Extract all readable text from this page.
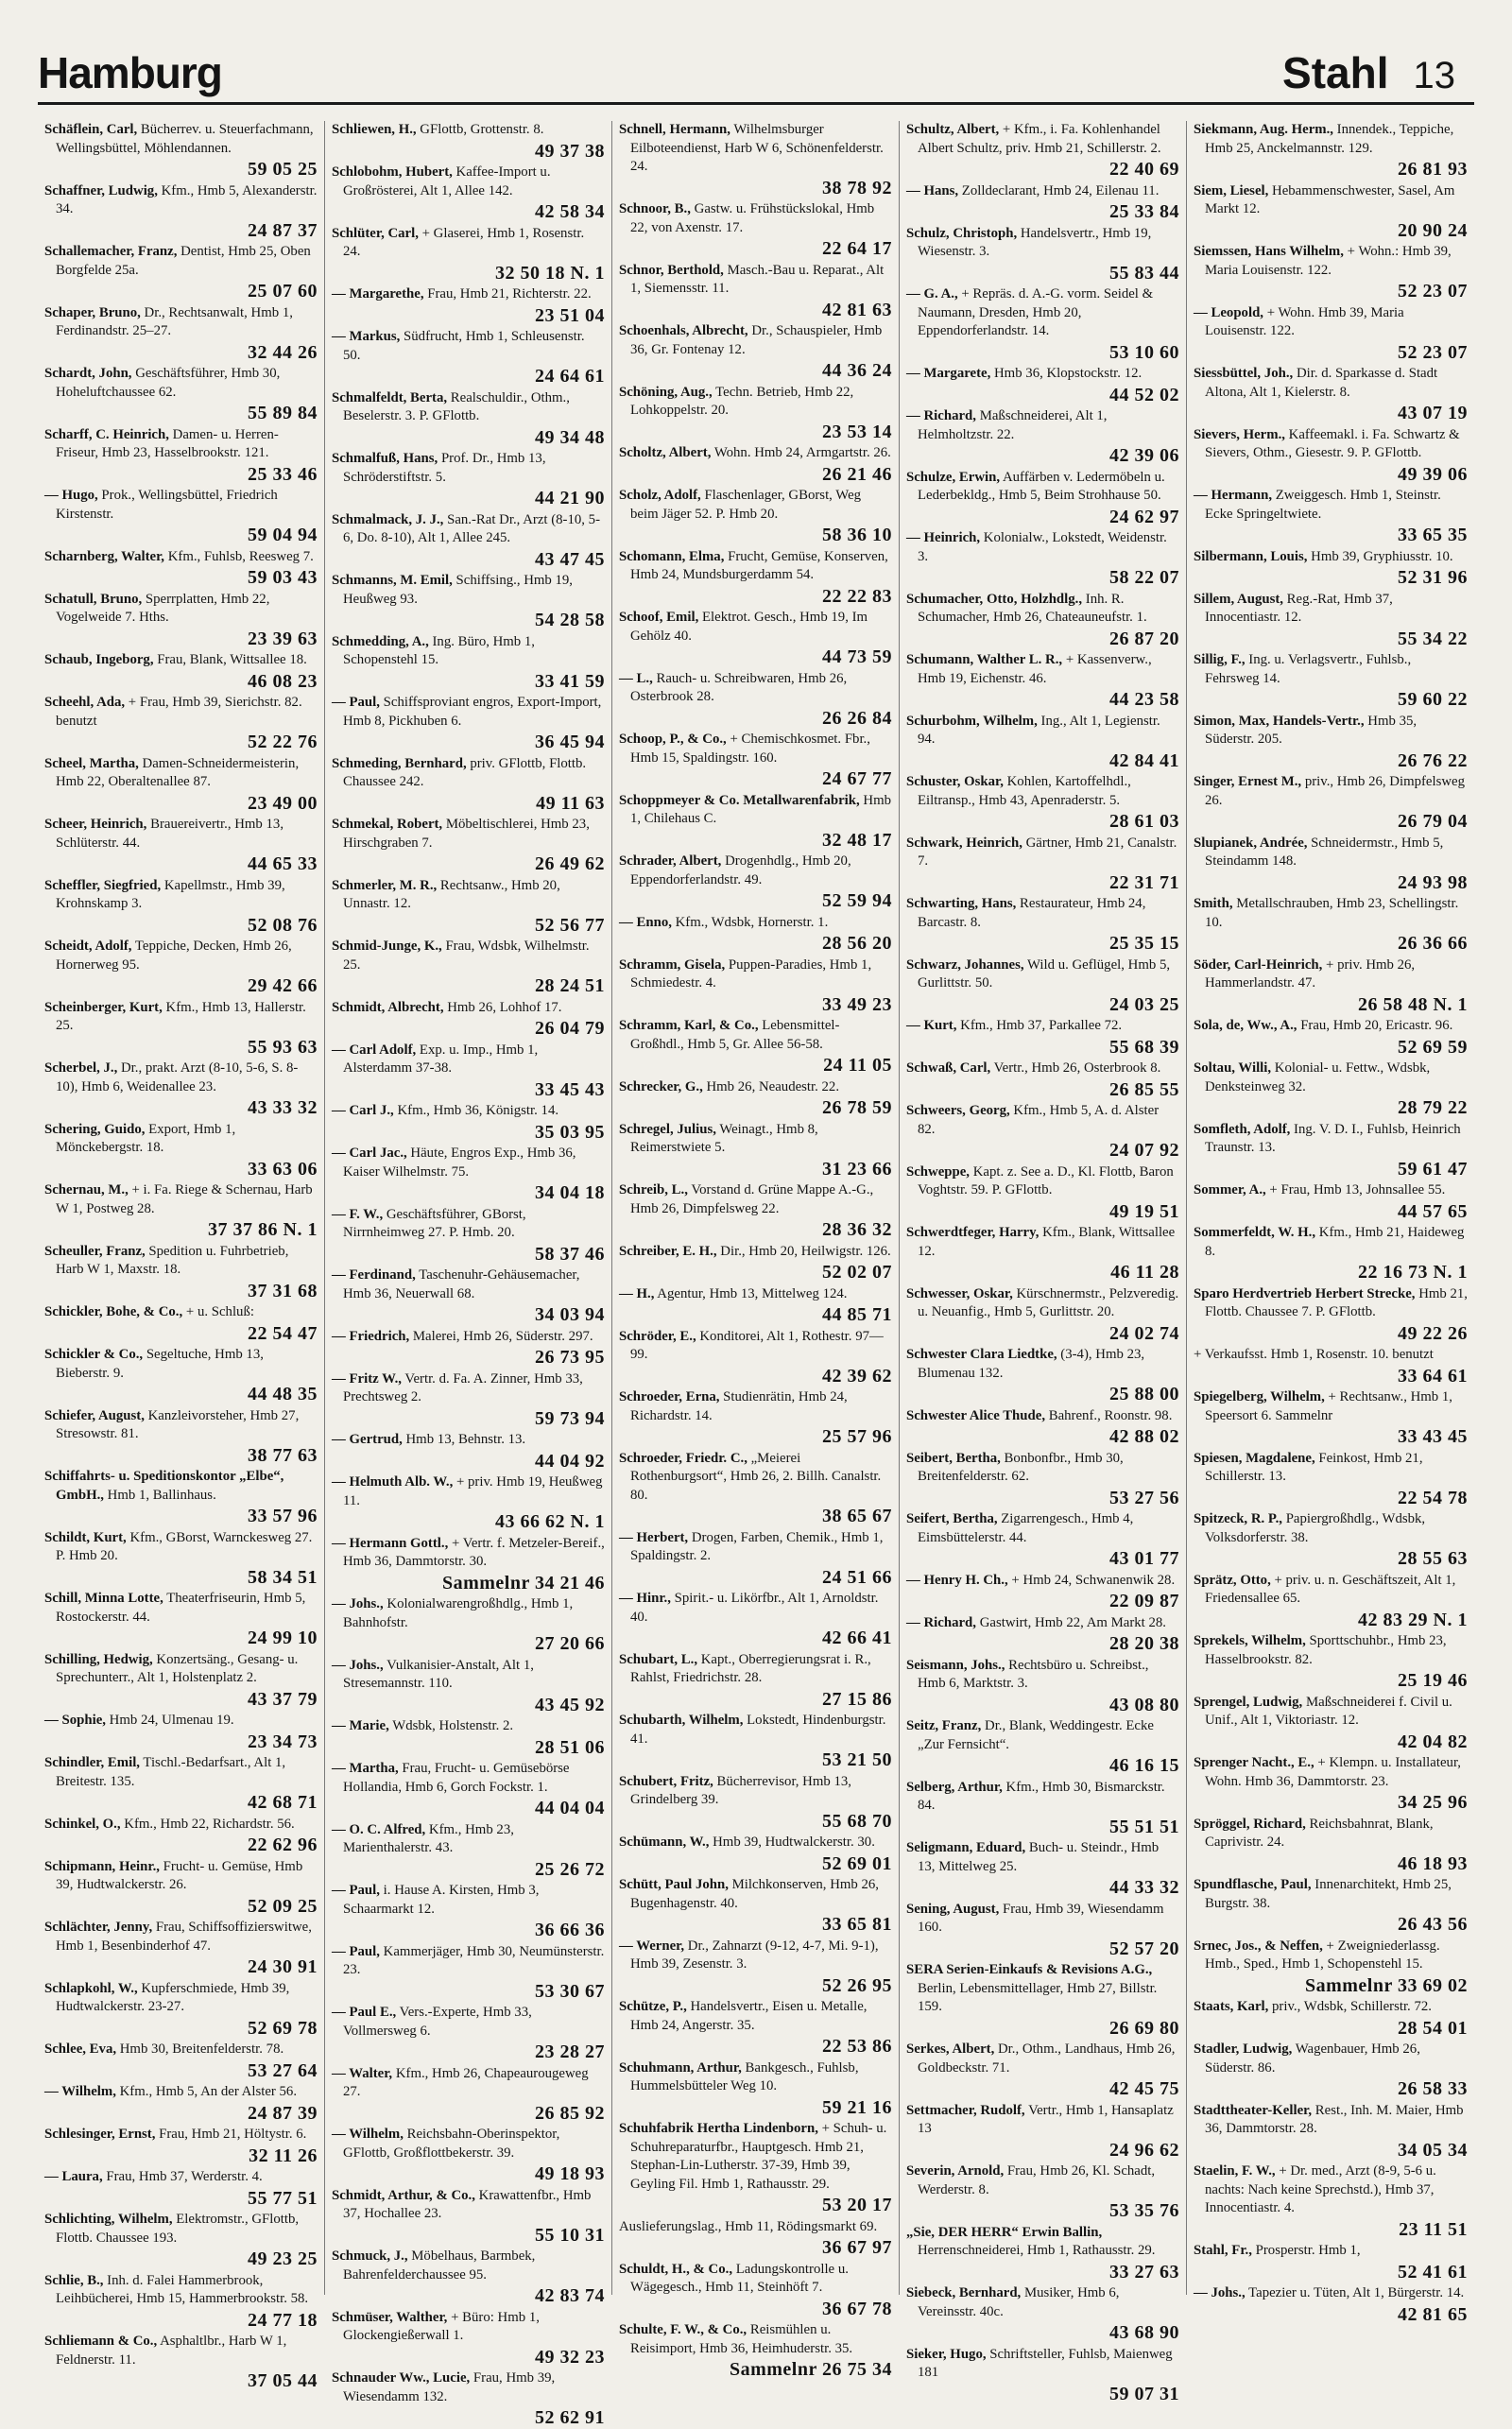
Hamburg	Stahl 13
Schäflein, Carl, Bücherrev. u. Steuerfachmann, Wellingsbüttel, Möhlendannen.
59 05 25
Schaffner, Ludwig, Kfm., Hmb 5, Alexanderstr. 34.
24 87 37
Schallemacher, Franz, Dentist, Hmb 25, Oben Borgfelde 25a.
25 07 60
Schaper, Bruno, Dr., Rechtsanwalt, Hmb 1, Ferdinandstr. 25–27.
32 44 26
Schardt, John, Geschäftsführer, Hmb 30, Hoheluftchaussee 62.
55 89 84
Scharff, C. Heinrich, Damen- u. Herren-Friseur, Hmb 23, Hasselbrookstr. 121.
25 33 46
— Hugo, Prok., Wellingsbüttel, Friedrich Kirstenstr.
59 04 94
Scharnberg, Walter, Kfm., Fuhlsb, Reesweg 7.
59 03 43
Schatull, Bruno, Sperrplatten, Hmb 22, Vogelweide 7. Hths.
23 39 63
Schaub, Ingeborg, Frau, Blank, Wittsallee 18.
46 08 23
Scheehl, Ada, + Frau, Hmb 39, Sierichstr. 82. benutzt
52 22 76
Scheel, Martha, Damen-Schneidermeisterin, Hmb 22, Oberaltenallee 87.
23 49 00
Scheer, Heinrich, Brauereivertr., Hmb 13, Schlüterstr. 44.
44 65 33
Scheffler, Siegfried, Kapellmstr., Hmb 39, Krohnskamp 3.
52 08 76
Scheidt, Adolf, Teppiche, Decken, Hmb 26, Hornerweg 95.
29 42 66
Scheinberger, Kurt, Kfm., Hmb 13, Hallerstr. 25.
55 93 63
Scherbel, J., Dr., prakt. Arzt (8-10, 5-6, S. 8-10), Hmb 6, Weidenallee 23.
43 33 32
Schering, Guido, Export, Hmb 1, Mönckebergstr. 18.
33 63 06
Schernau, M., + i. Fa. Riege & Schernau, Harb W 1, Postweg 28.
37 37 86 N. 1
Scheuller, Franz, Spedition u. Fuhrbetrieb, Harb W 1, Maxstr. 18.
37 31 68
Schickler, Bohe, & Co., + u. Schluß:
22 54 47
Schickler & Co., Segeltuche, Hmb 13, Bieberstr. 9.
44 48 35
Schiefer, August, Kanzleivorsteher, Hmb 27, Stresowstr. 81.
38 77 63
Schiffahrts- u. Speditionskontor „Elbe“, GmbH., Hmb 1, Ballinhaus.
33 57 96
Schildt, Kurt, Kfm., GBorst, Warnckesweg 27. P. Hmb 20.
58 34 51
Schill, Minna Lotte, Theaterfriseurin, Hmb 5, Rostockerstr. 44.
24 99 10
Schilling, Hedwig, Konzertsäng., Gesang- u. Sprechunterr., Alt 1, Holstenplatz 2.
43 37 79
— Sophie, Hmb 24, Ulmenau 19.
23 34 73
Schindler, Emil, Tischl.-Bedarfsart., Alt 1, Breitestr. 135.
42 68 71
Schinkel, O., Kfm., Hmb 22, Richardstr. 56.
22 62 96
Schipmann, Heinr., Frucht- u. Gemüse, Hmb 39, Hudtwalckerstr. 26.
52 09 25
Schlächter, Jenny, Frau, Schiffsoffizierswitwe, Hmb 1, Besenbinderhof 47.
24 30 91
Schlapkohl, W., Kupferschmiede, Hmb 39, Hudtwalckerstr. 23-27.
52 69 78
Schlee, Eva, Hmb 30, Breitenfelderstr. 78.
53 27 64
— Wilhelm, Kfm., Hmb 5, An der Alster 56.
24 87 39
Schlesinger, Ernst, Frau, Hmb 21, Höltystr. 6.
32 11 26
— Laura, Frau, Hmb 37, Werderstr. 4.
55 77 51
Schlichting, Wilhelm, Elektromstr., GFlottb, Flottb. Chaussee 193.
49 23 25
Schlie, B., Inh. d. Falei Hammerbrook, Leihbücherei, Hmb 15, Hammerbrookstr. 58.
24 77 18
Schliemann & Co., Asphaltlbr., Harb W 1, Feldnerstr. 11.
37 05 44
Schliewen, H., GFlottb, Grottenstr. 8.
49 37 38
Schlobohm, Hubert, Kaffee-Import u. Großrösterei, Alt 1, Allee 142.
42 58 34
Schlüter, Carl, + Glaserei, Hmb 1, Rosenstr. 24.
32 50 18 N. 1
— Margarethe, Frau, Hmb 21, Richterstr. 22.
23 51 04
— Markus, Südfrucht, Hmb 1, Schleusenstr. 50.
24 64 61
Schmalfeldt, Berta, Realschuldir., Othm., Beselerstr. 3. P. GFlottb.
49 34 48
Schmalfuß, Hans, Prof. Dr., Hmb 13, Schröderstiftstr. 5.
44 21 90
Schmalmack, J. J., San.-Rat Dr., Arzt (8-10, 5-6, Do. 8-10), Alt 1, Allee 245.
43 47 45
Schmanns, M. Emil, Schiffsing., Hmb 19, Heußweg 93.
54 28 58
Schmedding, A., Ing. Büro, Hmb 1, Schopenstehl 15.
33 41 59
— Paul, Schiffsproviant engros, Export-Import, Hmb 8, Pickhuben 6.
36 45 94
Schmeding, Bernhard, priv. GFlottb, Flottb. Chaussee 242.
49 11 63
Schmekal, Robert, Möbeltischlerei, Hmb 23, Hirschgraben 7.
26 49 62
Schmerler, M. R., Rechtsanw., Hmb 20, Unnastr. 12.
52 56 77
Schmid-Junge, K., Frau, Wdsbk, Wilhelmstr. 25.
28 24 51
Schmidt, Albrecht, Hmb 26, Lohhof 17.
26 04 79
— Carl Adolf, Exp. u. Imp., Hmb 1, Alsterdamm 37-38.
33 45 43
— Carl J., Kfm., Hmb 36, Königstr. 14.
35 03 95
— Carl Jac., Häute, Engros Exp., Hmb 36, Kaiser Wilhelmstr. 75.
34 04 18
— F. W., Geschäftsführer, GBorst, Nirrnheimweg 27. P. Hmb. 20.
58 37 46
— Ferdinand, Taschenuhr-Gehäusemacher, Hmb 36, Neuerwall 68.
34 03 94
— Friedrich, Malerei, Hmb 26, Süderstr. 297.
26 73 95
— Fritz W., Vertr. d. Fa. A. Zinner, Hmb 33, Prechtsweg 2.
59 73 94
— Gertrud, Hmb 13, Behnstr. 13.
44 04 92
— Helmuth Alb. W., + priv. Hmb 19, Heußweg 11.
43 66 62 N. 1
— Hermann Gottl., + Vertr. f. Metzeler-Bereif., Hmb 36, Dammtorstr. 30.
Sammelnr 34 21 46
— Johs., Kolonialwarengroßhdlg., Hmb 1, Bahnhofstr.
27 20 66
— Johs., Vulkanisier-Anstalt, Alt 1, Stresemannstr. 110.
43 45 92
— Marie, Wdsbk, Holstenstr. 2.
28 51 06
— Martha, Frau, Frucht- u. Gemüsebörse Hollandia, Hmb 6, Gorch Fockstr. 1.
44 04 04
— O. C. Alfred, Kfm., Hmb 23, Marienthalerstr. 43.
25 26 72
— Paul, i. Hause A. Kirsten, Hmb 3, Schaarmarkt 12.
36 66 36
— Paul, Kammerjäger, Hmb 30, Neumünsterstr. 23.
53 30 67
— Paul E., Vers.-Experte, Hmb 33, Vollmersweg 6.
23 28 27
— Walter, Kfm., Hmb 26, Chapeaurougeweg 27.
26 85 92
— Wilhelm, Reichsbahn-Oberinspektor, GFlottb, Großflottbekerstr. 39.
49 18 93
Schmidt, Arthur, & Co., Krawattenfbr., Hmb 37, Hochallee 23.
55 10 31
Schmuck, J., Möbelhaus, Barmbek, Bahrenfelderchaussee 95.
42 83 74
Schmüser, Walther, + Büro: Hmb 1, Glockengießerwall 1.
49 32 23
Schnauder Ww., Lucie, Frau, Hmb 39, Wiesendamm 132.
52 62 91
Schnell, Hermann, Wilhelmsburger Eilboteendienst, Harb W 6, Schönenfelderstr. 24.
38 78 92
Schnoor, B., Gastw. u. Frühstückslokal, Hmb 22, von Axenstr. 17.
22 64 17
Schnor, Berthold, Masch.-Bau u. Reparat., Alt 1, Siemensstr. 11.
42 81 63
Schoenhals, Albrecht, Dr., Schauspieler, Hmb 36, Gr. Fontenay 12.
44 36 24
Schöning, Aug., Techn. Betrieb, Hmb 22, Lohkoppelstr. 20.
23 53 14
Scholtz, Albert, Wohn. Hmb 24, Armgartstr. 26.
26 21 46
Scholz, Adolf, Flaschenlager, GBorst, Weg beim Jäger 52. P. Hmb 20.
58 36 10
Schomann, Elma, Frucht, Gemüse, Konserven, Hmb 24, Mundsburgerdamm 54.
22 22 83
Schoof, Emil, Elektrot. Gesch., Hmb 19, Im Gehölz 40.
44 73 59
— L., Rauch- u. Schreibwaren, Hmb 26, Osterbrook 28.
26 26 84
Schoop, P., & Co., + Chemischkosmet. Fbr., Hmb 15, Spaldingstr. 160.
24 67 77
Schoppmeyer & Co. Metallwarenfabrik, Hmb 1, Chilehaus C.
32 48 17
Schrader, Albert, Drogenhdlg., Hmb 20, Eppendorferlandstr. 49.
52 59 94
— Enno, Kfm., Wdsbk, Hornerstr. 1.
28 56 20
Schramm, Gisela, Puppen-Paradies, Hmb 1, Schmiedestr. 4.
33 49 23
Schramm, Karl, & Co., Lebensmittel-Großhdl., Hmb 5, Gr. Allee 56-58.
24 11 05
Schrecker, G., Hmb 26, Neaudestr. 22.
26 78 59
Schregel, Julius, Weinagt., Hmb 8, Reimerstwiete 5.
31 23 66
Schreib, L., Vorstand d. Grüne Mappe A.-G., Hmb 26, Dimpfelsweg 22.
28 36 32
Schreiber, E. H., Dir., Hmb 20, Heilwigstr. 126.
52 02 07
— H., Agentur, Hmb 13, Mittelweg 124.
44 85 71
Schröder, E., Konditorei, Alt 1, Rothestr. 97—99.
42 39 62
Schroeder, Erna, Studienrätin, Hmb 24, Richardstr. 14.
25 57 96
Schroeder, Friedr. C., „Meierei Rothenburgsort“, Hmb 26, 2. Billh. Canalstr. 80.
38 65 67
— Herbert, Drogen, Farben, Chemik., Hmb 1, Spaldingstr. 2.
24 51 66
— Hinr., Spirit.- u. Likörfbr., Alt 1, Arnoldstr. 40.
42 66 41
Schubart, L., Kapt., Oberregierungsrat i. R., Rahlst, Friedrichstr. 28.
27 15 86
Schubarth, Wilhelm, Lokstedt, Hindenburgstr. 41.
53 21 50
Schubert, Fritz, Bücherrevisor, Hmb 13, Grindelberg 39.
55 68 70
Schümann, W., Hmb 39, Hudtwalckerstr. 30.
52 69 01
Schütt, Paul John, Milchkonserven, Hmb 26, Bugenhagenstr. 40.
33 65 81
— Werner, Dr., Zahnarzt (9-12, 4-7, Mi. 9-1), Hmb 39, Zesenstr. 3.
52 26 95
Schütze, P., Handelsvertr., Eisen u. Metalle, Hmb 24, Angerstr. 35.
22 53 86
Schuhmann, Arthur, Bankgesch., Fuhlsb, Hummelsbütteler Weg 10.
59 21 16
Schuhfabrik Hertha Lindenborn, + Schuh- u. Schuhreparaturfbr., Hauptgesch. Hmb 21, Stephan-Lin-Lutherstr. 37-39, Hmb 39, Geyling Fil. Hmb 1, Rathausstr. 29.
53 20 17
Auslieferungslag., Hmb 11, Rödingsmarkt 69.
36 67 97
Schuldt, H., & Co., Ladungskontrolle u. Wägegesch., Hmb 11, Steinhöft 7.
36 67 78
Schulte, F. W., & Co., Reismühlen u. Reisimport, Hmb 36, Heimhuderstr. 35.
Sammelnr 26 75 34
Schultz, Albert, + Kfm., i. Fa. Kohlenhandel Albert Schultz, priv. Hmb 21, Schillerstr. 2.
22 40 69
— Hans, Zolldeclarant, Hmb 24, Eilenau 11.
25 33 84
Schulz, Christoph, Handelsvertr., Hmb 19, Wiesenstr. 3.
55 83 44
— G. A., + Repräs. d. A.-G. vorm. Seidel & Naumann, Dresden, Hmb 20, Eppendorferlandstr. 14.
53 10 60
— Margarete, Hmb 36, Klopstockstr. 12.
44 52 02
— Richard, Maßschneiderei, Alt 1, Helmholtzstr. 22.
42 39 06
Schulze, Erwin, Auffärben v. Ledermöbeln u. Lederbekldg., Hmb 5, Beim Strohhause 50.
24 62 97
— Heinrich, Kolonialw., Lokstedt, Weidenstr. 3.
58 22 07
Schumacher, Otto, Holzhdlg., Inh. R. Schumacher, Hmb 26, Chateauneufstr. 1.
26 87 20
Schumann, Walther L. R., + Kassenverw., Hmb 19, Eichenstr. 46.
44 23 58
Schurbohm, Wilhelm, Ing., Alt 1, Legienstr. 94.
42 84 41
Schuster, Oskar, Kohlen, Kartoffelhdl., Eiltransp., Hmb 43, Apenraderstr. 5.
28 61 03
Schwark, Heinrich, Gärtner, Hmb 21, Canalstr. 7.
22 31 71
Schwarting, Hans, Restaurateur, Hmb 24, Barcastr. 8.
25 35 15
Schwarz, Johannes, Wild u. Geflügel, Hmb 5, Gurlittstr. 50.
24 03 25
— Kurt, Kfm., Hmb 37, Parkallee 72.
55 68 39
Schwaß, Carl, Vertr., Hmb 26, Osterbrook 8.
26 85 55
Schweers, Georg, Kfm., Hmb 5, A. d. Alster 82.
24 07 92
Schweppe, Kapt. z. See a. D., Kl. Flottb, Baron Voghtstr. 59. P. GFlottb.
49 19 51
Schwerdtfeger, Harry, Kfm., Blank, Wittsallee 12.
46 11 28
Schwesser, Oskar, Kürschnermstr., Pelzveredig. u. Neuanfig., Hmb 5, Gurlittstr. 20.
24 02 74
Schwester Clara Liedtke, (3-4), Hmb 23, Blumenau 132.
25 88 00
Schwester Alice Thude, Bahrenf., Roonstr. 98.
42 88 02
Seibert, Bertha, Bonbonfbr., Hmb 30, Breitenfelderstr. 62.
53 27 56
Seifert, Bertha, Zigarrengesch., Hmb 4, Eimsbüttelerstr. 44.
43 01 77
— Henry H. Ch., + Hmb 24, Schwanenwik 28.
22 09 87
— Richard, Gastwirt, Hmb 22, Am Markt 28.
28 20 38
Seismann, Johs., Rechtsbüro u. Schreibst., Hmb 6, Marktstr. 3.
43 08 80
Seitz, Franz, Dr., Blank, Weddingestr. Ecke „Zur Fernsicht“.
46 16 15
Selberg, Arthur, Kfm., Hmb 30, Bismarckstr. 84.
55 51 51
Seligmann, Eduard, Buch- u. Steindr., Hmb 13, Mittelweg 25.
44 33 32
Sening, August, Frau, Hmb 39, Wiesendamm 160.
52 57 20
SERA Serien-Einkaufs & Revisions A.G., Berlin, Lebensmittellager, Hmb 27, Billstr. 159.
26 69 80
Serkes, Albert, Dr., Othm., Landhaus, Hmb 26, Goldbeckstr. 71.
42 45 75
Settmacher, Rudolf, Vertr., Hmb 1, Hansaplatz 13
24 96 62
Severin, Arnold, Frau, Hmb 26, Kl. Schadt, Werderstr. 8.
53 35 76
„Sie, DER HERR“ Erwin Ballin, Herrenschneiderei, Hmb 1, Rathausstr. 29.
33 27 63
Siebeck, Bernhard, Musiker, Hmb 6, Vereinsstr. 40c.
43 68 90
Sieker, Hugo, Schriftsteller, Fuhlsb, Maienweg 181
59 07 31
Siekmann, Aug. Herm., Innendek., Teppiche, Hmb 25, Anckelmannstr. 129.
26 81 93
Siem, Liesel, Hebammenschwester, Sasel, Am Markt 12.
20 90 24
Siemssen, Hans Wilhelm, + Wohn.: Hmb 39, Maria Louisenstr. 122.
52 23 07
— Leopold, + Wohn. Hmb 39, Maria Louisenstr. 122.
52 23 07
Siessbüttel, Joh., Dir. d. Sparkasse d. Stadt Altona, Alt 1, Kielerstr. 8.
43 07 19
Sievers, Herm., Kaffeemakl. i. Fa. Schwartz & Sievers, Othm., Giesestr. 9. P. GFlottb.
49 39 06
— Hermann, Zweiggesch. Hmb 1, Steinstr. Ecke Springeltwiete.
33 65 35
Silbermann, Louis, Hmb 39, Gryphiusstr. 10.
52 31 96
Sillem, August, Reg.-Rat, Hmb 37, Innocentiastr. 12.
55 34 22
Sillig, F., Ing. u. Verlagsvertr., Fuhlsb., Fehrsweg 14.
59 60 22
Simon, Max, Handels-Vertr., Hmb 35, Süderstr. 205.
26 76 22
Singer, Ernest M., priv., Hmb 26, Dimpfelsweg 26.
26 79 04
Slupianek, Andrée, Schneidermstr., Hmb 5, Steindamm 148.
24 93 98
Smith, Metallschrauben, Hmb 23, Schellingstr. 10.
26 36 66
Söder, Carl-Heinrich, + priv. Hmb 26, Hammerlandstr. 47.
26 58 48 N. 1
Sola, de, Ww., A., Frau, Hmb 20, Ericastr. 96.
52 69 59
Soltau, Willi, Kolonial- u. Fettw., Wdsbk, Denksteinweg 32.
28 79 22
Somfleth, Adolf, Ing. V. D. I., Fuhlsb, Heinrich Traunstr. 13.
59 61 47
Sommer, A., + Frau, Hmb 13, Johnsallee 55.
44 57 65
Sommerfeldt, W. H., Kfm., Hmb 21, Haideweg 8.
22 16 73 N. 1
Sparo Herdvertrieb Herbert Strecke, Hmb 21, Flottb. Chaussee 7. P. GFlottb.
49 22 26
+ Verkaufsst. Hmb 1, Rosenstr. 10. benutzt
33 64 61
Spiegelberg, Wilhelm, + Rechtsanw., Hmb 1, Speersort 6. Sammelnr
33 43 45
Spiesen, Magdalene, Feinkost, Hmb 21, Schillerstr. 13.
22 54 78
Spitzeck, R. P., Papiergroßhdlg., Wdsbk, Volksdorferstr. 38.
28 55 63
Sprätz, Otto, + priv. u. n. Geschäftszeit, Alt 1, Friedensallee 65.
42 83 29 N. 1
Sprekels, Wilhelm, Sporttschuhbr., Hmb 23, Hasselbrookstr. 82.
25 19 46
Sprengel, Ludwig, Maßschneiderei f. Civil u. Unif., Alt 1, Viktoriastr. 12.
42 04 82
Sprenger Nacht., E., + Klempn. u. Installateur, Wohn. Hmb 36, Dammtorstr. 23.
34 25 96
Spröggel, Richard, Reichsbahnrat, Blank, Caprivistr. 24.
46 18 93
Spundflasche, Paul, Innenarchitekt, Hmb 25, Burgstr. 38.
26 43 56
Srnec, Jos., & Neffen, + Zweigniederlassg. Hmb., Sped., Hmb 1, Schopenstehl 15.
Sammelnr 33 69 02
Staats, Karl, priv., Wdsbk, Schillerstr. 72.
28 54 01
Stadler, Ludwig, Wagenbauer, Hmb 26, Süderstr. 86.
26 58 33
Stadttheater-Keller, Rest., Inh. M. Maier, Hmb 36, Dammtorstr. 28.
34 05 34
Staelin, F. W., + Dr. med., Arzt (8-9, 5-6 u. nachts: Nach keine Sprechstd.), Hmb 37, Innocentiastr. 4.
23 11 51
Stahl, Fr., Prosperstr. Hmb 1,
52 41 61
— Johs., Tapezier u. Tüten, Alt 1, Bürgerstr. 14.
42 81 65
